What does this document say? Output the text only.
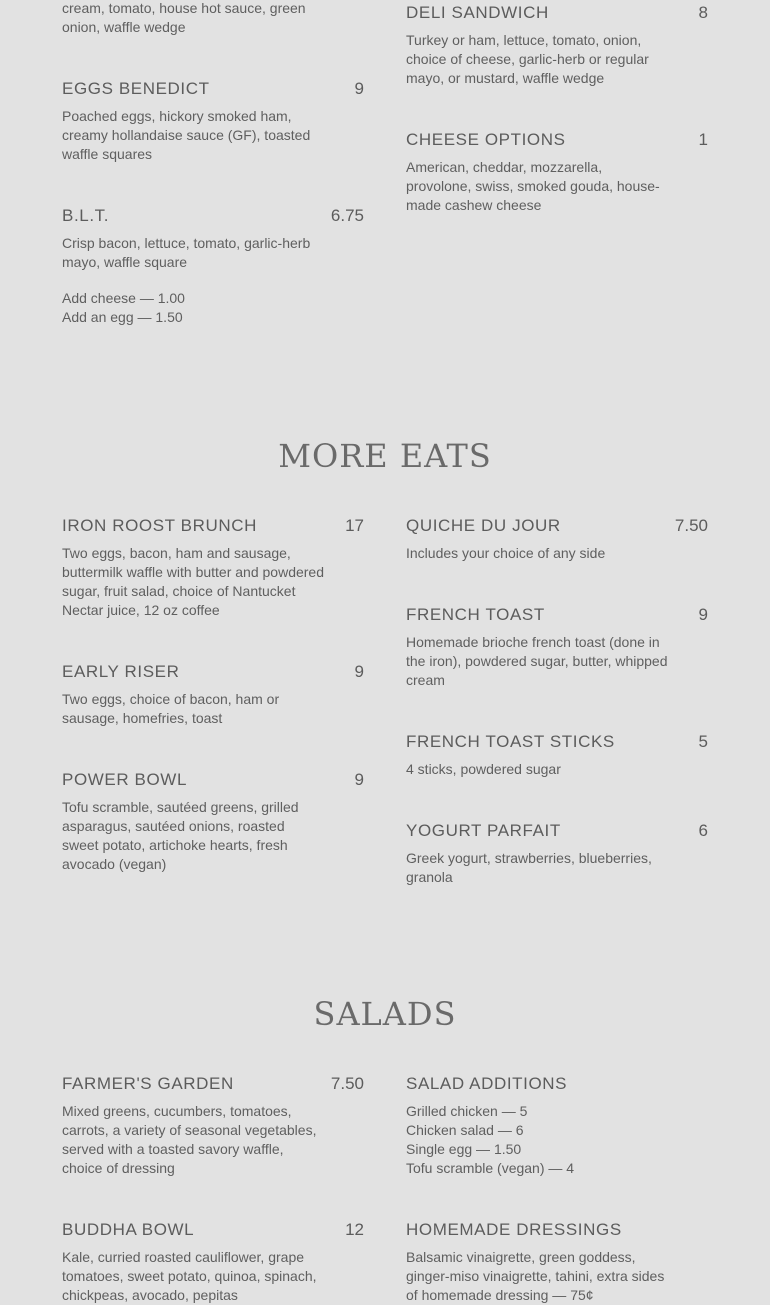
cream, tomato, house hot sauce, green onion, waffle wedge
EGGS BENEDICT	9
Poached eggs, hickory smoked ham, creamy hollandaise sauce (GF), toasted waffle squares
B.L.T.	6.75
Crisp bacon, lettuce, tomato, garlic-herb mayo, waffle square
Add cheese — 1.00
Add an egg — 1.50
DELI SANDWICH	8
Turkey or ham, lettuce, tomato, onion, choice of cheese, garlic-herb or regular mayo, or mustard, waffle wedge
CHEESE OPTIONS	1
American, cheddar, mozzarella, provolone, swiss, smoked gouda, house-made cashew cheese
MORE EATS
IRON ROOST BRUNCH	17
Two eggs, bacon, ham and sausage, buttermilk waffle with butter and powdered sugar, fruit salad, choice of Nantucket Nectar juice, 12 oz coffee
EARLY RISER	9
Two eggs, choice of bacon, ham or sausage, homefries, toast
POWER BOWL	9
Tofu scramble, sautéed greens, grilled asparagus, sautéed onions, roasted sweet potato, artichoke hearts, fresh avocado (vegan)
QUICHE DU JOUR	7.50
Includes your choice of any side
FRENCH TOAST	9
Homemade brioche french toast (done in the iron), powdered sugar, butter, whipped cream
FRENCH TOAST STICKS	5
4 sticks, powdered sugar
YOGURT PARFAIT	6
Greek yogurt, strawberries, blueberries, granola
SALADS
FARMER'S GARDEN	7.50
Mixed greens, cucumbers, tomatoes, carrots, a variety of seasonal vegetables, served with a toasted savory waffle, choice of dressing
BUDDHA BOWL	12
Kale, curried roasted cauliflower, grape tomatoes, sweet potato, quinoa, spinach, chickpeas, avocado, pepitas
SALAD ADDITIONS
Grilled chicken — 5
Chicken salad — 6
Single egg — 1.50
Tofu scramble (vegan) — 4
HOMEMADE DRESSINGS
Balsamic vinaigrette, green goddess, ginger-miso vinaigrette, tahini, extra sides of homemade dressing — 75¢
